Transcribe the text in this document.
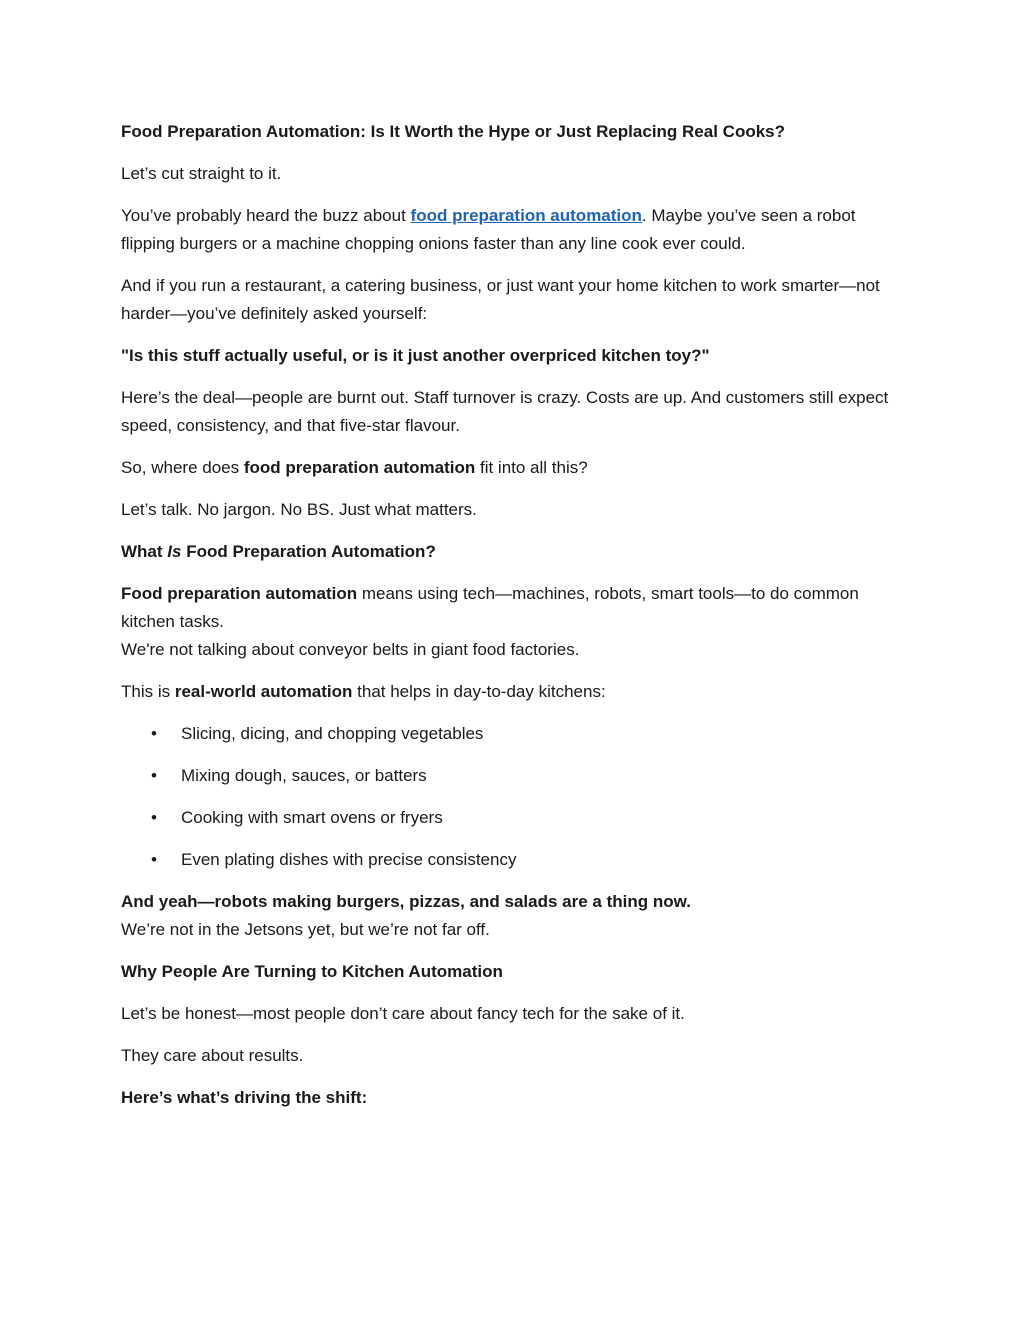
Food Preparation Automation: Is It Worth the Hype or Just Replacing Real Cooks?

Let’s cut straight to it.

You’ve probably heard the buzz about food preparation automation. Maybe you’ve seen a robot flipping burgers or a machine chopping onions faster than any line cook ever could.

And if you run a restaurant, a catering business, or just want your home kitchen to work smarter—not harder—you’ve definitely asked yourself:

"Is this stuff actually useful, or is it just another overpriced kitchen toy?"

Here’s the deal—people are burnt out. Staff turnover is crazy. Costs are up. And customers still expect speed, consistency, and that five-star flavour.

So, where does food preparation automation fit into all this?

Let’s talk. No jargon. No BS. Just what matters.

What Is Food Preparation Automation?

Food preparation automation means using tech—machines, robots, smart tools—to do common kitchen tasks.
We're not talking about conveyor belts in giant food factories.

This is real-world automation that helps in day-to-day kitchens:

• Slicing, dicing, and chopping vegetables
• Mixing dough, sauces, or batters
• Cooking with smart ovens or fryers
• Even plating dishes with precise consistency

And yeah—robots making burgers, pizzas, and salads are a thing now.
We’re not in the Jetsons yet, but we’re not far off.

Why People Are Turning to Kitchen Automation

Let’s be honest—most people don’t care about fancy tech for the sake of it.

They care about results.

Here’s what’s driving the shift:
